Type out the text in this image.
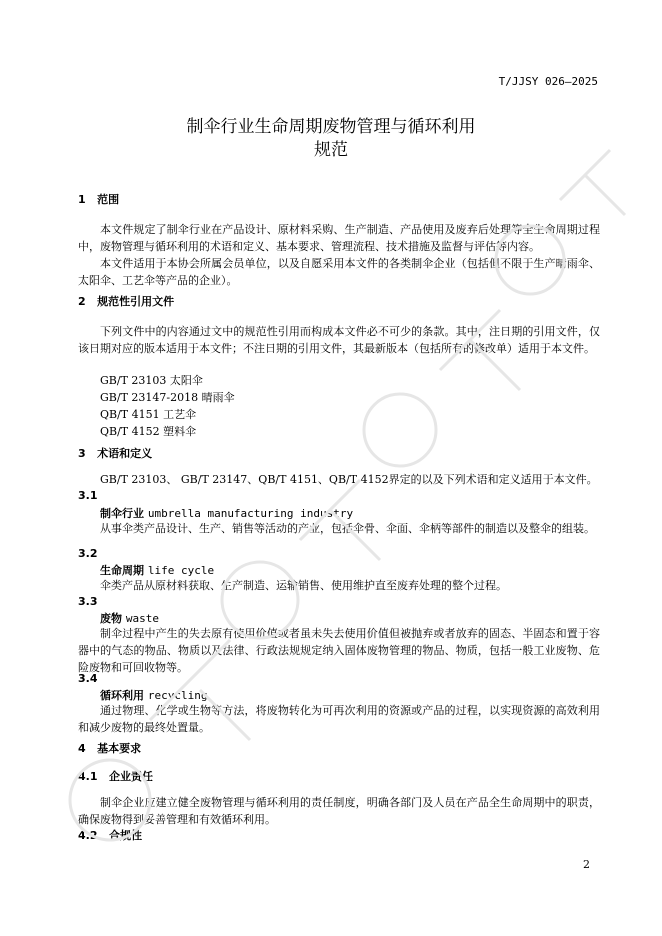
T/JJSY 026—2025
制伞行业生命周期废物管理与循环利用
规范
1 范围
本文件规定了制伞行业在产品设计、原材料采购、生产制造、产品使用及废弃后处理等全生命周期过程中，废物管理与循环利用的术语和定义、基本要求、管理流程、技术措施及监督与评估等内容。
本文件适用于本协会所属会员单位，以及自愿采用本文件的各类制伞企业（包括但不限于生产晴雨伞、太阳伞、工艺伞等产品的企业）。
2 规范性引用文件
下列文件中的内容通过文中的规范性引用而构成本文件必不可少的条款。其中，注日期的引用文件，仅该日期对应的版本适用于本文件；不注日期的引用文件，其最新版本（包括所有的修改单）适用于本文件。
GB/T 23103 太阳伞
GB/T 23147-2018 晴雨伞
QB/T 4151 工艺伞
QB/T 4152 塑料伞
3 术语和定义
GB/T 23103、 GB/T 23147、QB/T 4151、QB/T 4152界定的以及下列术语和定义适用于本文件。
3.1
制伞行业 umbrella manufacturing industry
从事伞类产品设计、生产、销售等活动的产业，包括伞骨、伞面、伞柄等部件的制造以及整伞的组装。
3.2
生命周期 life cycle
伞类产品从原材料获取、生产制造、运输销售、使用维护直至废弃处理的整个过程。
3.3
废物 waste
制伞过程中产生的失去原有使用价值或者虽未失去使用价值但被抛弃或者放弃的固态、半固态和置于容器中的气态的物品、物质以及法律、行政法规规定纳入固体废物管理的物品、物质，包括一般工业废物、危险废物和可回收物等。
3.4
循环利用 recycling
通过物理、化学或生物等方法，将废物转化为可再次利用的资源或产品的过程，以实现资源的高效利用和减少废物的最终处置量。
4 基本要求
4.1 企业责任
制伞企业应建立健全废物管理与循环利用的责任制度，明确各部门及人员在产品全生命周期中的职责，确保废物得到妥善管理和有效循环利用。
4.2 合规性
2
